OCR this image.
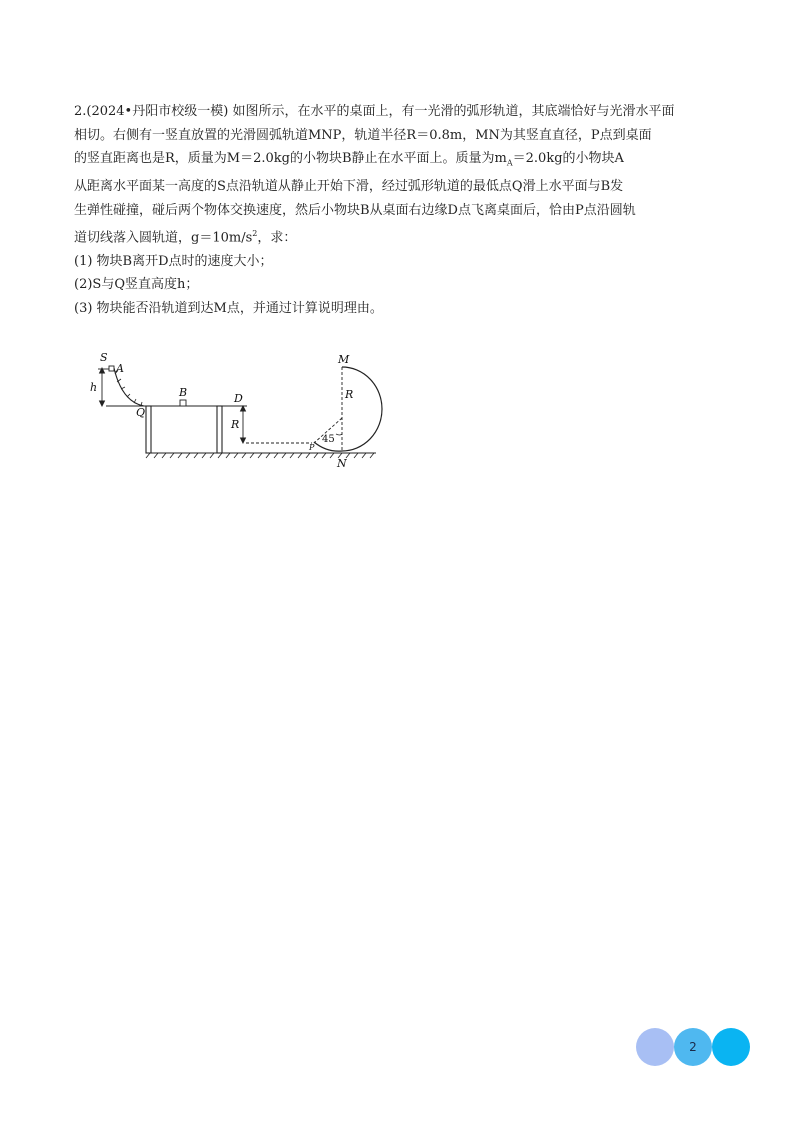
2.(2024•丹阳市校级一模) 如图所示，在水平的桌面上，有一光滑的弧形轨道，其底端恰好与光滑水平面
相切。右侧有一竖直放置的光滑圆弧轨道MNP，轨道半径R＝0.8m，MN为其竖直直径，P点到桌面
的竖直距离也是R，质量为M＝2.0kg的小物块B静止在水平面上。质量为$m_A=2.0kg$的小物块A
从距离水平面某一高度的S点沿轨道从静止开始下滑，经过弧形轨道的最低点Q滑上水平面与B发
生弹性碰撞，碰后两个物体交换速度，然后小物块B从桌面右边缘D点飞离桌面后，恰由P点沿圆轨
道切线落入圆轨道，$g=10m/s^2$，求：

(1) 物块B离开D点时的速度大小；

(2)S与Q竖直高度h；

(3) 物块能否沿轨道到达M点，并通过计算说明理由。

S
A
h
Q
B	D
R
M
R
45
P
N
2
